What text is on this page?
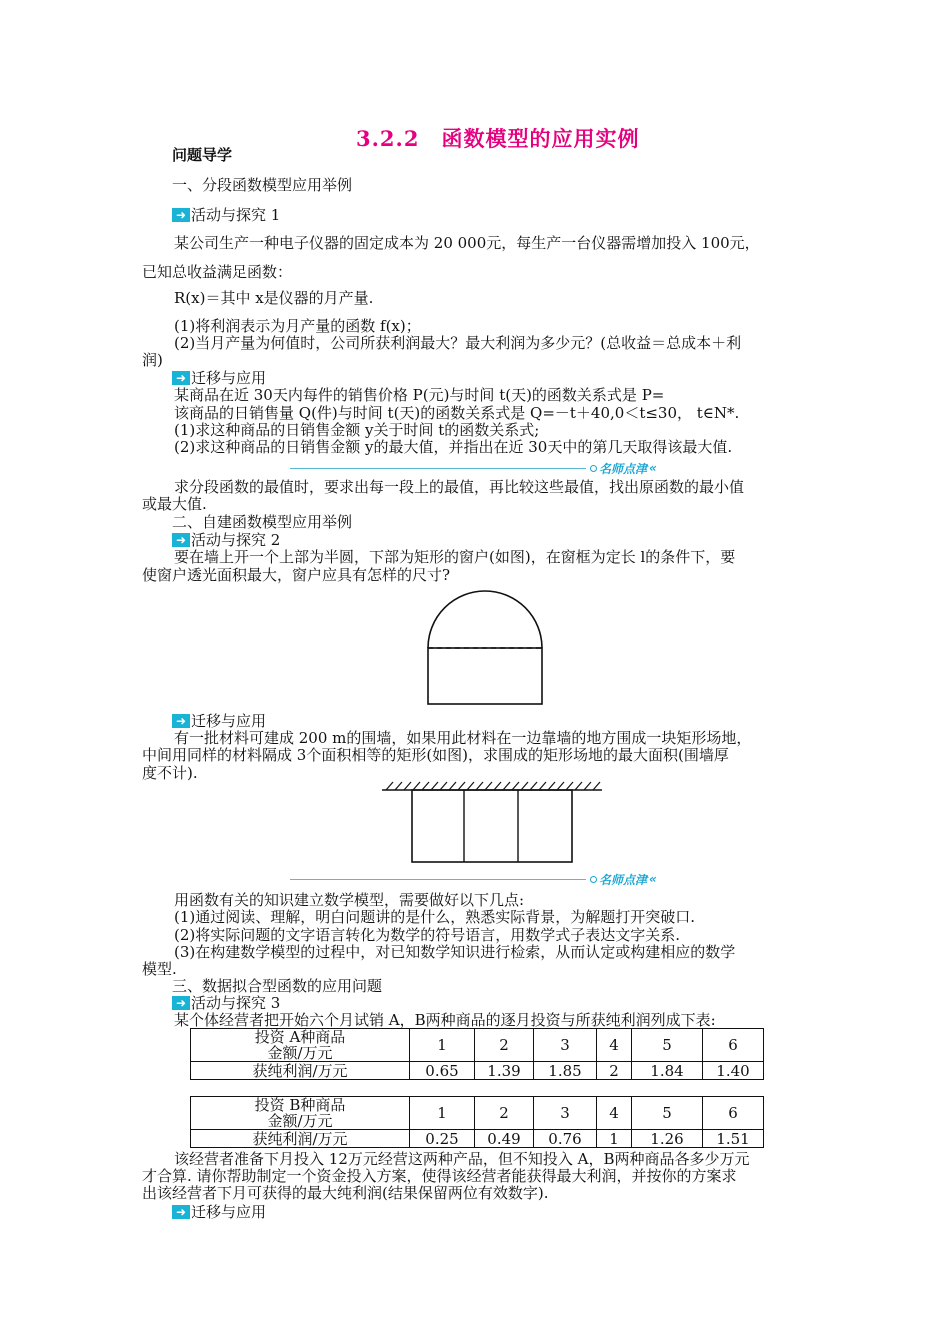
3.2.2　函数模型的应用实例
问题导学
一、分段函数模型应用举例
➜ 活动与探究 1
某公司生产一种电子仪器的固定成本为 20 000元，每生产一台仪器需增加投入 100元，
已知总收益满足函数：
R(x)＝其中 x是仪器的月产量.
(1)将利润表示为月产量的函数 f(x)；
(2)当月产量为何值时，公司所获利润最大？最大利润为多少元？(总收益＝总成本＋利
润)
➜ 迁移与应用
某商品在近 30天内每件的销售价格 P(元)与时间 t(天)的函数关系式是 P=
该商品的日销售量 Q(件)与时间 t(天)的函数关系式是 Q=－t＋40,0＜t≤30， t∈N*.
(1)求这种商品的日销售金额 y关于时间 t的函数关系式;
(2)求这种商品的日销售金额 y的最大值，并指出在近 30天中的第几天取得该最大值.
名师点津 «
求分段函数的最值时，要求出每一段上的最值，再比较这些最值，找出原函数的最小值
或最大值.
二、自建函数模型应用举例
➜ 活动与探究 2
要在墙上开一个上部为半圆，下部为矩形的窗户(如图)，在窗框为定长 l的条件下，要
使窗户透光面积最大，窗户应具有怎样的尺寸?
➜ 迁移与应用
有一批材料可建成 200 m的围墙，如果用此材料在一边靠墙的地方围成一块矩形场地，
中间用同样的材料隔成 3个面积相等的矩形(如图)，求围成的矩形场地的最大面积(围墙厚
度不计).
名师点津 «
用函数有关的知识建立数学模型，需要做好以下几点:
(1)通过阅读、理解，明白问题讲的是什么，熟悉实际背景，为解题打开突破口.
(2)将实际问题的文字语言转化为数学的符号语言，用数学式子表达文字关系.
(3)在构建数学模型的过程中，对已知数学知识进行检索，从而认定或构建相应的数学
模型.
三、数据拟合型函数的应用问题
➜ 活动与探究 3
某个体经营者把开始六个月试销 A，B两种商品的逐月投资与所获纯利润列成下表:
投资 A种商品
金额/万元	1	2	3	4	5	6
获纯利润/万元	0.65	1.39	1.85	2	1.84	1.40
投资 B种商品
金额/万元	1	2	3	4	5	6
获纯利润/万元	0.25	0.49	0.76	1	1.26	1.51
该经营者准备下月投入 12万元经营这两种产品，但不知投入 A，B两种商品各多少万元
才合算. 请你帮助制定一个资金投入方案，使得该经营者能获得最大利润，并按你的方案求
出该经营者下月可获得的最大纯利润(结果保留两位有效数字).
➜ 迁移与应用
